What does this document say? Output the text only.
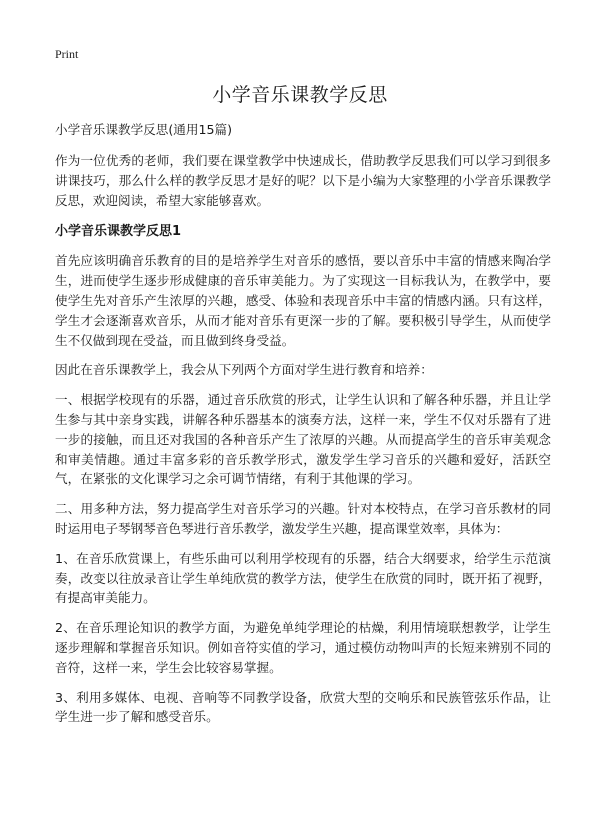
Print
小学音乐课教学反思

小学音乐课教学反思(通用15篇)

作为一位优秀的老师，我们要在课堂教学中快速成长，借助教学反思我们可以学习到很多讲课技巧，那么什么样的教学反思才是好的呢？以下是小编为大家整理的小学音乐课教学反思，欢迎阅读，希望大家能够喜欢。

小学音乐课教学反思1

首先应该明确音乐教育的目的是培养学生对音乐的感悟，要以音乐中丰富的情感来陶冶学生，进而使学生逐步形成健康的音乐审美能力。为了实现这一目标我认为，在教学中，要使学生先对音乐产生浓厚的兴趣，感受、体验和表现音乐中丰富的情感内涵。只有这样，学生才会逐渐喜欢音乐，从而才能对音乐有更深一步的了解。要积极引导学生，从而使学生不仅做到现在受益，而且做到终身受益。

因此在音乐课教学上，我会从下列两个方面对学生进行教育和培养：

一、根据学校现有的乐器，通过音乐欣赏的形式，让学生认识和了解各种乐器，并且让学生参与其中亲身实践，讲解各种乐器基本的演奏方法，这样一来，学生不仅对乐器有了进一步的接触，而且还对我国的各种音乐产生了浓厚的兴趣。从而提高学生的音乐审美观念和审美情趣。通过丰富多彩的音乐教学形式，激发学生学习音乐的兴趣和爱好，活跃空气，在紧张的文化课学习之余可调节情绪，有利于其他课的学习。

二、用多种方法，努力提高学生对音乐学习的兴趣。针对本校特点，在学习音乐教材的同时运用电子琴钢琴音色琴进行音乐教学，激发学生兴趣，提高课堂效率，具体为：

1、在音乐欣赏课上，有些乐曲可以利用学校现有的乐器，结合大纲要求，给学生示范演奏，改变以往放录音让学生单纯欣赏的教学方法，使学生在欣赏的同时，既开拓了视野，有提高审美能力。

2、在音乐理论知识的教学方面，为避免单纯学理论的枯燥，利用情境联想教学，让学生逐步理解和掌握音乐知识。例如音符实值的学习，通过模仿动物叫声的长短来辨别不同的音符，这样一来，学生会比较容易掌握。

3、利用多媒体、电视、音响等不同教学设备，欣赏大型的交响乐和民族管弦乐作品，让学生进一步了解和感受音乐。
